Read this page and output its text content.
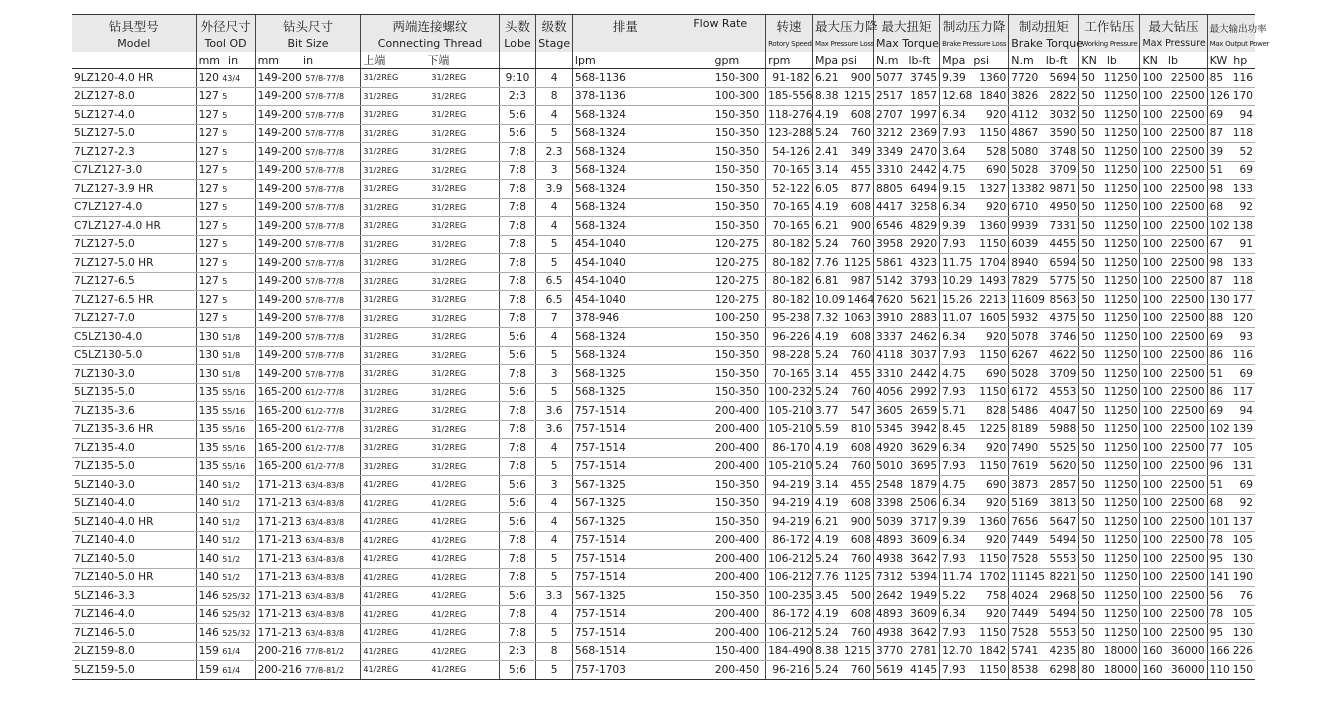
钻具型号	外径尺寸	钻头尺寸	两端连接螺纹	头数	级数	排量 Flow Rate	转速	最大压力降	最大扭矩	制动压力降	制动扭矩	工作钻压	最大钻压	最大输出功率
Model	Tool OD	Bit Size	Connecting Thread	Lobe	Stage		Rotory Speed	Max Pressure Loss	Max Torque	Brake Pressure Loss	Brake Torque	Working Pressure	Max Pressure	Max Output Power

	mm in	mm in	上端 下端			lpm gpm	rpm	Mpa psi	N.m lb-ft	Mpa psi	N.m lb-ft	KN lb	KN lb	KW hp

9LZ120-4.0 HR	120 43/4	149-200 57/8-77/8	31/2REG 31/2REG	9:10	4	568-1136 150-300	91-182	6.21 900	5077 3745	9.39 1360	7720 5694	50 11250	100 22500	85 116

2LZ127-8.0	127 5	149-200 57/8-77/8	31/2REG 31/2REG	2:3	8	378-1136 100-300	185-556	8.38 1215	2517 1857	12.68 1840	3826 2822	50 11250	100 22500	126 170

5LZ127-4.0	127 5	149-200 57/8-77/8	31/2REG 31/2REG	5:6	4	568-1324 150-350	118-276	4.19 608	2707 1997	6.34 920	4112 3032	50 11250	100 22500	69 94

5LZ127-5.0	127 5	149-200 57/8-77/8	31/2REG 31/2REG	5:6	5	568-1324 150-350	123-288	5.24 760	3212 2369	7.93 1150	4867 3590	50 11250	100 22500	87 118

7LZ127-2.3	127 5	149-200 57/8-77/8	31/2REG 31/2REG	7:8	2.3	568-1324 150-350	54-126	2.41 349	3349 2470	3.64 528	5080 3748	50 11250	100 22500	39 52

C7LZ127-3.0	127 5	149-200 57/8-77/8	31/2REG 31/2REG	7:8	3	568-1324 150-350	70-165	3.14 455	3310 2442	4.75 690	5028 3709	50 11250	100 22500	51 69

7LZ127-3.9 HR	127 5	149-200 57/8-77/8	31/2REG 31/2REG	7:8	3.9	568-1324 150-350	52-122	6.05 877	8805 6494	9.15 1327	13382 9871	50 11250	100 22500	98 133

C7LZ127-4.0	127 5	149-200 57/8-77/8	31/2REG 31/2REG	7:8	4	568-1324 150-350	70-165	4.19 608	4417 3258	6.34 920	6710 4950	50 11250	100 22500	68 92

C7LZ127-4.0 HR	127 5	149-200 57/8-77/8	31/2REG 31/2REG	7:8	4	568-1324 150-350	70-165	6.21 900	6546 4829	9.39 1360	9939 7331	50 11250	100 22500	102 138

7LZ127-5.0	127 5	149-200 57/8-77/8	31/2REG 31/2REG	7:8	5	454-1040 120-275	80-182	5.24 760	3958 2920	7.93 1150	6039 4455	50 11250	100 22500	67 91

7LZ127-5.0 HR	127 5	149-200 57/8-77/8	31/2REG 31/2REG	7:8	5	454-1040 120-275	80-182	7.76 1125	5861 4323	11.75 1704	8940 6594	50 11250	100 22500	98 133

7LZ127-6.5	127 5	149-200 57/8-77/8	31/2REG 31/2REG	7:8	6.5	454-1040 120-275	80-182	6.81 987	5142 3793	10.29 1493	7829 5775	50 11250	100 22500	87 118

7LZ127-6.5 HR	127 5	149-200 57/8-77/8	31/2REG 31/2REG	7:8	6.5	454-1040 120-275	80-182	10.09 1464	7620 5621	15.26 2213	11609 8563	50 11250	100 22500	130 177

7LZ127-7.0	127 5	149-200 57/8-77/8	31/2REG 31/2REG	7:8	7	378-946 100-250	95-238	7.32 1063	3910 2883	11.07 1605	5932 4375	50 11250	100 22500	88 120

C5LZ130-4.0	130 51/8	149-200 57/8-77/8	31/2REG 31/2REG	5:6	4	568-1324 150-350	96-226	4.19 608	3337 2462	6.34 920	5078 3746	50 11250	100 22500	69 93

C5LZ130-5.0	130 51/8	149-200 57/8-77/8	31/2REG 31/2REG	5:6	5	568-1324 150-350	98-228	5.24 760	4118 3037	7.93 1150	6267 4622	50 11250	100 22500	86 116

7LZ130-3.0	130 51/8	149-200 57/8-77/8	31/2REG 31/2REG	7:8	3	568-1325 150-350	70-165	3.14 455	3310 2442	4.75 690	5028 3709	50 11250	100 22500	51 69

5LZ135-5.0	135 55/16	165-200 61/2-77/8	31/2REG 31/2REG	5:6	5	568-1325 150-350	100-232	5.24 760	4056 2992	7.93 1150	6172 4553	50 11250	100 22500	86 117

7LZ135-3.6	135 55/16	165-200 61/2-77/8	31/2REG 31/2REG	7:8	3.6	757-1514 200-400	105-210	3.77 547	3605 2659	5.71 828	5486 4047	50 11250	100 22500	69 94

7LZ135-3.6 HR	135 55/16	165-200 61/2-77/8	31/2REG 31/2REG	7:8	3.6	757-1514 200-400	105-210	5.59 810	5345 3942	8.45 1225	8189 5988	50 11250	100 22500	102 139

7LZ135-4.0	135 55/16	165-200 61/2-77/8	31/2REG 31/2REG	7:8	4	757-1514 200-400	86-170	4.19 608	4920 3629	6.34 920	7490 5525	50 11250	100 22500	77 105

7LZ135-5.0	135 55/16	165-200 61/2-77/8	31/2REG 31/2REG	7:8	5	757-1514 200-400	105-210	5.24 760	5010 3695	7.93 1150	7619 5620	50 11250	100 22500	96 131

5LZ140-3.0	140 51/2	171-213 63/4-83/8	41/2REG 41/2REG	5:6	3	567-1325 150-350	94-219	3.14 455	2548 1879	4.75 690	3873 2857	50 11250	100 22500	51 69

5LZ140-4.0	140 51/2	171-213 63/4-83/8	41/2REG 41/2REG	5:6	4	567-1325 150-350	94-219	4.19 608	3398 2506	6.34 920	5169 3813	50 11250	100 22500	68 92

5LZ140-4.0 HR	140 51/2	171-213 63/4-83/8	41/2REG 41/2REG	5:6	4	567-1325 150-350	94-219	6.21 900	5039 3717	9.39 1360	7656 5647	50 11250	100 22500	101 137

7LZ140-4.0	140 51/2	171-213 63/4-83/8	41/2REG 41/2REG	7:8	4	757-1514 200-400	86-172	4.19 608	4893 3609	6.34 920	7449 5494	50 11250	100 22500	78 105

7LZ140-5.0	140 51/2	171-213 63/4-83/8	41/2REG 41/2REG	7:8	5	757-1514 200-400	106-212	5.24 760	4938 3642	7.93 1150	7528 5553	50 11250	100 22500	95 130

7LZ140-5.0 HR	140 51/2	171-213 63/4-83/8	41/2REG 41/2REG	7:8	5	757-1514 200-400	106-212	7.76 1125	7312 5394	11.74 1702	11145 8221	50 11250	100 22500	141 190

5LZ146-3.3	146 525/32	171-213 63/4-83/8	41/2REG 41/2REG	5:6	3.3	567-1325 150-350	100-235	3.45 500	2642 1949	5.22 758	4024 2968	50 11250	100 22500	56 76

7LZ146-4.0	146 525/32	171-213 63/4-83/8	41/2REG 41/2REG	7:8	4	757-1514 200-400	86-172	4.19 608	4893 3609	6.34 920	7449 5494	50 11250	100 22500	78 105

7LZ146-5.0	146 525/32	171-213 63/4-83/8	41/2REG 41/2REG	7:8	5	757-1514 200-400	106-212	5.24 760	4938 3642	7.93 1150	7528 5553	50 11250	100 22500	95 130

2LZ159-8.0	159 61/4	200-216 77/8-81/2	41/2REG 41/2REG	2:3	8	568-1514 150-400	184-490	8.38 1215	3770 2781	12.70 1842	5741 4235	80 18000	160 36000	166 226

5LZ159-5.0	159 61/4	200-216 77/8-81/2	41/2REG 41/2REG	5:6	5	757-1703 200-450	96-216	5.24 760	5619 4145	7.93 1150	8538 6298	80 18000	160 36000	110 150
